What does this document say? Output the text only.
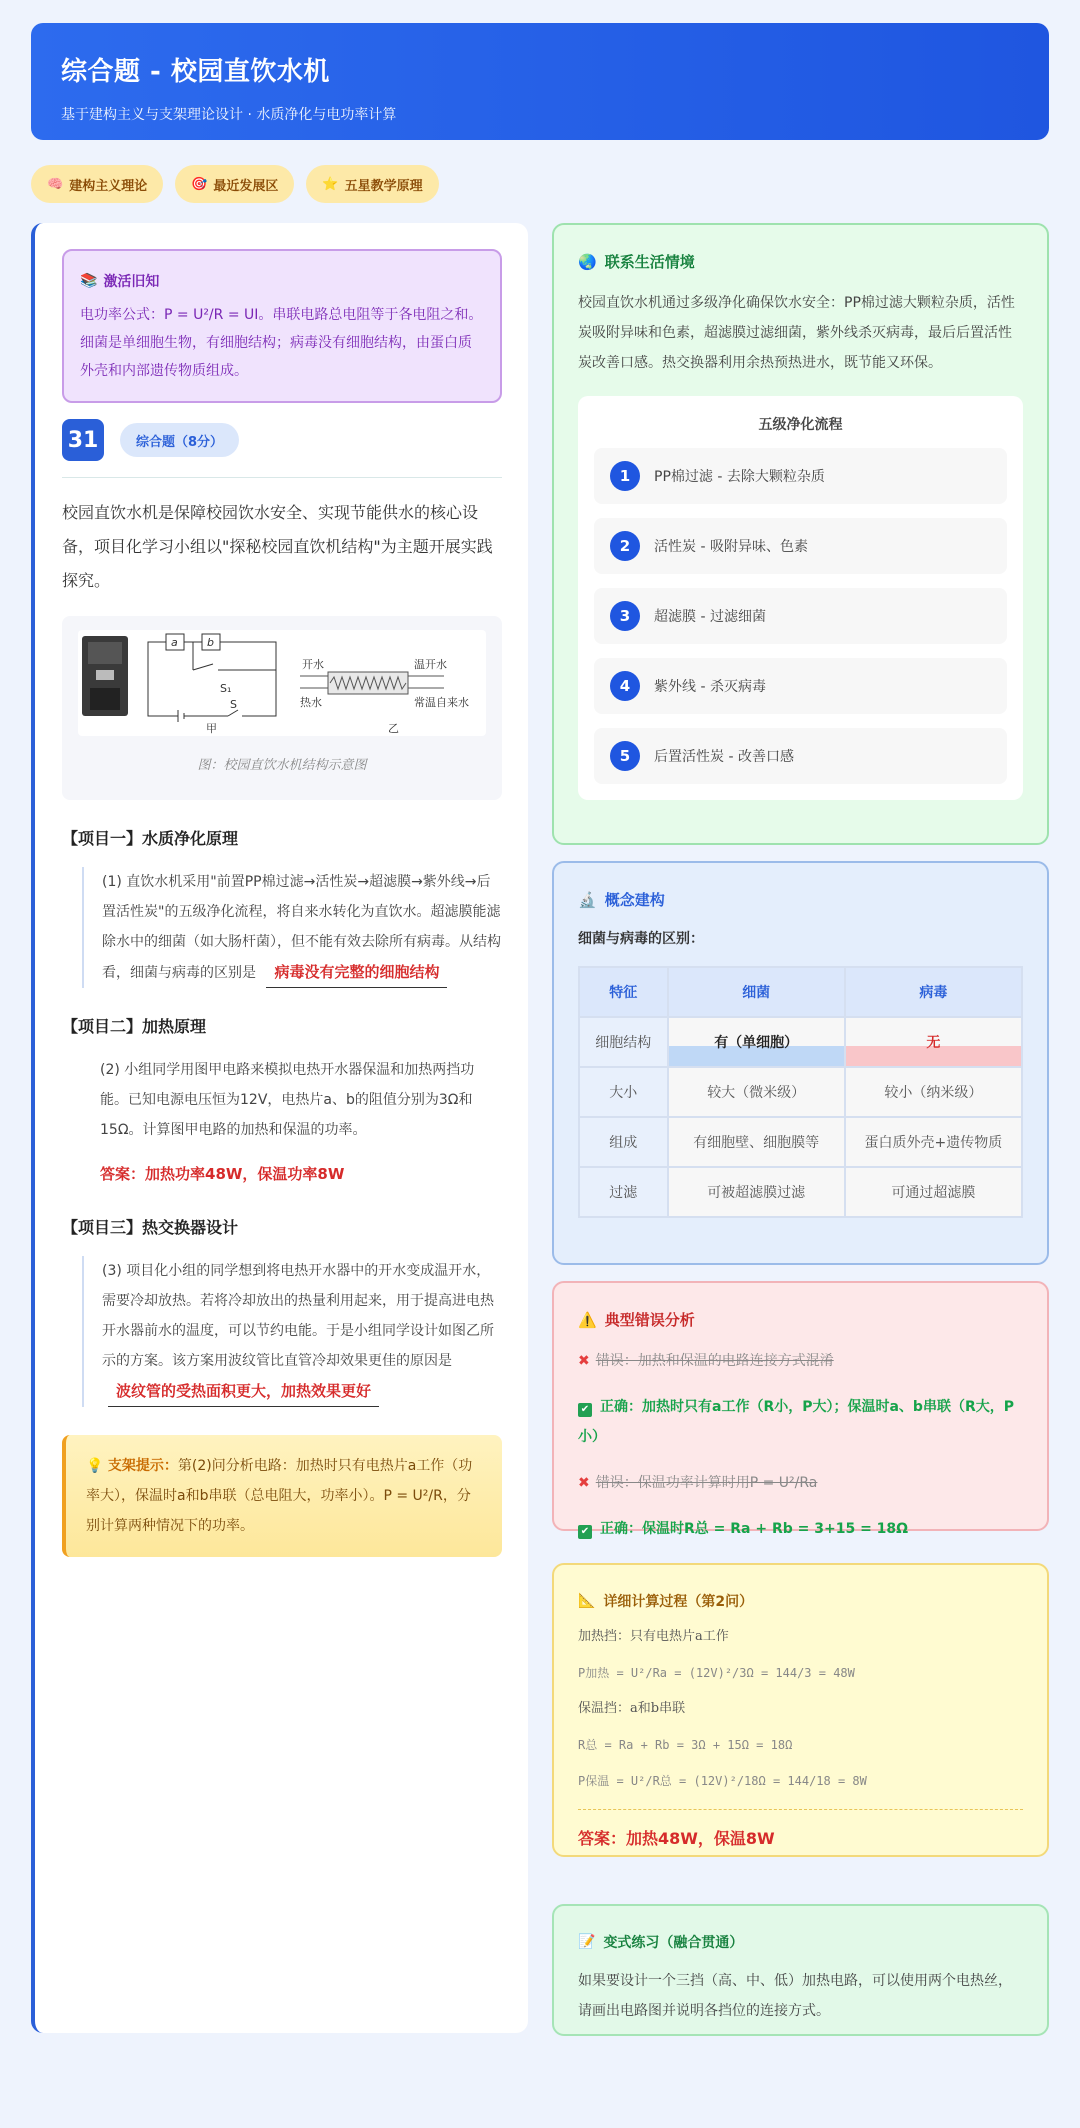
综合题 - 校园直饮水机
基于建构主义与支架理论设计 · 水质净化与电功率计算
🧠 建构主义理论	🎯 最近发展区	⭐ 五星教学原理
📚 激活旧知
电功率公式：P = U²/R = UI。串联电路总电阻等于各电阻之和。细菌是单细胞生物，有细胞结构；病毒没有细胞结构，由蛋白质外壳和内部遗传物质组成。
31	综合题（8分）
校园直饮水机是保障校园饮水安全、实现节能供水的核心设备，项目化学习小组以"探秘校园直饮机结构"为主题开展实践探究。
a	b
S₁
S
甲
开水
热水
温开水
常温自来水
乙
图：校园直饮水机结构示意图
【项目一】水质净化原理
(1) 直饮水机采用"前置PP棉过滤→活性炭→超滤膜→紫外线→后置活性炭"的五级净化流程，将自来水转化为直饮水。超滤膜能滤除水中的细菌（如大肠杆菌），但不能有效去除所有病毒。从结构看，细菌与病毒的区别是 病毒没有完整的细胞结构
【项目二】加热原理
(2) 小组同学用图甲电路来模拟电热开水器保温和加热两挡功能。已知电源电压恒为12V，电热片a、b的阻值分别为3Ω和15Ω。计算图甲电路的加热和保温的功率。
答案：加热功率48W，保温功率8W
【项目三】热交换器设计
(3) 项目化小组的同学想到将电热开水器中的开水变成温开水，需要冷却放热。若将冷却放出的热量利用起来，用于提高进电热开水器前水的温度，可以节约电能。于是小组同学设计如图乙所示的方案。该方案用波纹管比直管冷却效果更佳的原因是 波纹管的受热面积更大，加热效果更好
💡 支架提示：第(2)问分析电路：加热时只有电热片a工作（功率大），保温时a和b串联（总电阻大，功率小）。P = U²/R，分别计算两种情况下的功率。
🌏 联系生活情境
校园直饮水机通过多级净化确保饮水安全：PP棉过滤大颗粒杂质，活性炭吸附异味和色素，超滤膜过滤细菌，紫外线杀灭病毒，最后后置活性炭改善口感。热交换器利用余热预热进水，既节能又环保。
五级净化流程
1	PP棉过滤 - 去除大颗粒杂质
2	活性炭 - 吸附异味、色素
3	超滤膜 - 过滤细菌
4	紫外线 - 杀灭病毒
5	后置活性炭 - 改善口感
🔬 概念建构
细菌与病毒的区别：
特征	细菌	病毒
细胞结构	有（单细胞）	无
大小	较大（微米级）	较小（纳米级）
组成	有细胞壁、细胞膜等	蛋白质外壳+遗传物质
过滤	可被超滤膜过滤	可通过超滤膜
⚠️ 典型错误分析
✖ 错误：加热和保温的电路连接方式混淆
✔ 正确：加热时只有a工作（R小，P大）；保温时a、b串联（R大，P小）
✖ 错误：保温功率计算时用P = U²/Ra
✔ 正确：保温时R总 = Ra + Rb = 3+15 = 18Ω
📐 详细计算过程（第2问）
加热挡：只有电热片a工作
P加热 = U²/Ra = (12V)²/3Ω = 144/3 = 48W
保温挡：a和b串联
R总 = Ra + Rb = 3Ω + 15Ω = 18Ω
P保温 = U²/R总 = (12V)²/18Ω = 144/18 = 8W
答案：加热48W，保温8W
📝 变式练习（融合贯通）
如果要设计一个三挡（高、中、低）加热电路，可以使用两个电热丝，请画出电路图并说明各挡位的连接方式。
